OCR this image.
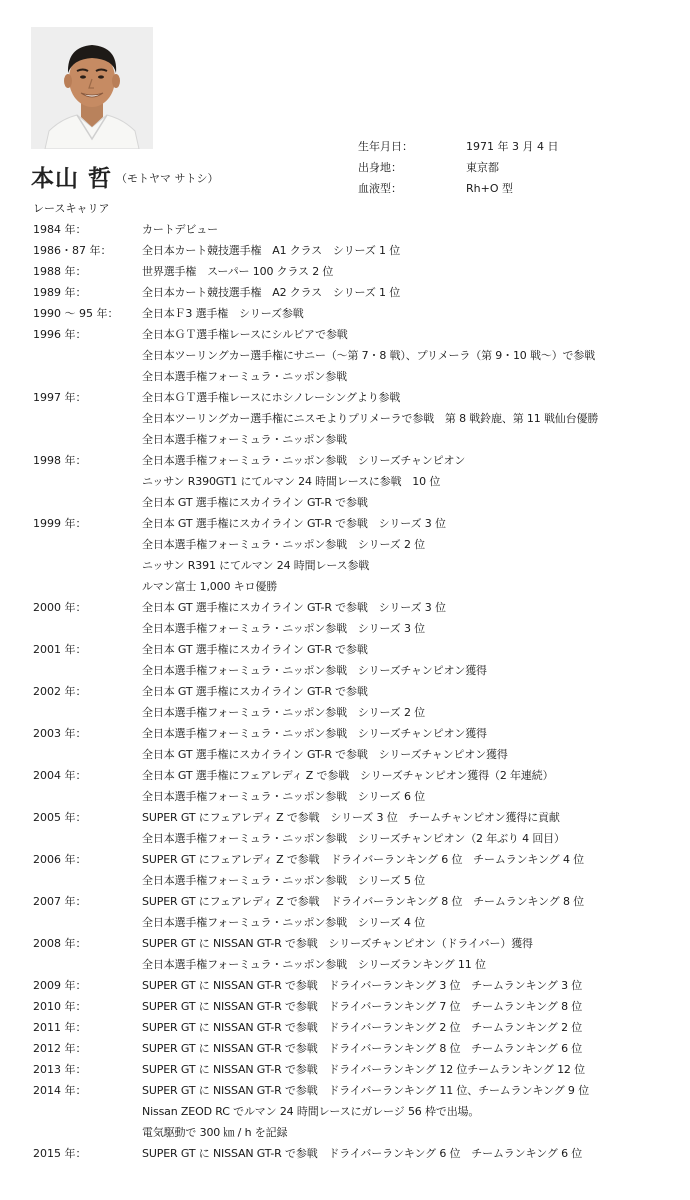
本山 哲 （モトヤマ サトシ）
生年月日：	1971 年 3 月 4 日
出身地：	東京都
血液型：	Rh+O 型
レースキャリア
1984 年：	カートデビュー
1986・87 年：	全日本カート競技選手権　A1 クラス　シリーズ 1 位
1988 年：	世界選手権　スーパー 100 クラス 2 位
1989 年：	全日本カート競技選手権　A2 クラス　シリーズ 1 位
1990 〜 95 年：	全日本Ｆ3 選手権　シリーズ参戦
1996 年：	全日本ＧＴ選手権レースにシルビアで参戦
全日本ツーリングカー選手権にサニー（〜第 7・8 戦）、プリメーラ（第 9・10 戦〜）で参戦
全日本選手権フォーミュラ・ニッポン参戦
1997 年：	全日本ＧＴ選手権レースにホシノレーシングより参戦
全日本ツーリングカー選手権にニスモよりプリメーラで参戦　第 8 戦鈴鹿、第 11 戦仙台優勝
全日本選手権フォーミュラ・ニッポン参戦
1998 年：	全日本選手権フォーミュラ・ニッポン参戦　シリーズチャンピオン
ニッサン R390GT1 にてルマン 24 時間レースに参戦　10 位
全日本 GT 選手権にスカイライン GT-R で参戦
1999 年：	全日本 GT 選手権にスカイライン GT-R で参戦　シリーズ 3 位
全日本選手権フォーミュラ・ニッポン参戦　シリーズ 2 位
ニッサン R391 にてルマン 24 時間レース参戦
ルマン富士 1,000 キロ優勝
2000 年：	全日本 GT 選手権にスカイライン GT-R で参戦　シリーズ 3 位
全日本選手権フォーミュラ・ニッポン参戦　シリーズ 3 位
2001 年：	全日本 GT 選手権にスカイライン GT-R で参戦
全日本選手権フォーミュラ・ニッポン参戦　シリーズチャンピオン獲得
2002 年：	全日本 GT 選手権にスカイライン GT-R で参戦
全日本選手権フォーミュラ・ニッポン参戦　シリーズ 2 位
2003 年：	全日本選手権フォーミュラ・ニッポン参戦　シリーズチャンピオン獲得
全日本 GT 選手権にスカイライン GT-R で参戦　シリーズチャンピオン獲得
2004 年：	全日本 GT 選手権にフェアレディ Z で参戦　シリーズチャンピオン獲得（2 年連続）
全日本選手権フォーミュラ・ニッポン参戦　シリーズ 6 位
2005 年：	SUPER GT にフェアレディ Z で参戦　シリーズ 3 位　チームチャンピオン獲得に貢献
全日本選手権フォーミュラ・ニッポン参戦　シリーズチャンピオン（2 年ぶり 4 回目）
2006 年：	SUPER GT にフェアレディ Z で参戦　ドライバーランキング 6 位　チームランキング 4 位
全日本選手権フォーミュラ・ニッポン参戦　シリーズ 5 位
2007 年：	SUPER GT にフェアレディ Z で参戦　ドライバーランキング 8 位　チームランキング 8 位
全日本選手権フォーミュラ・ニッポン参戦　シリーズ 4 位
2008 年：	SUPER GT に NISSAN GT-R で参戦　シリーズチャンピオン（ドライバー）獲得
全日本選手権フォーミュラ・ニッポン参戦　シリーズランキング 11 位
2009 年：	SUPER GT に NISSAN GT-R で参戦　ドライバーランキング 3 位　チームランキング 3 位
2010 年：	SUPER GT に NISSAN GT-R で参戦　ドライバーランキング 7 位　チームランキング 8 位
2011 年：	SUPER GT に NISSAN GT-R で参戦　ドライバーランキング 2 位　チームランキング 2 位
2012 年：	SUPER GT に NISSAN GT-R で参戦　ドライバーランキング 8 位　チームランキング 6 位
2013 年：	SUPER GT に NISSAN GT-R で参戦　ドライバーランキング 12 位チームランキング 12 位
2014 年：	SUPER GT に NISSAN GT-R で参戦　ドライバーランキング 11 位、チームランキング 9 位
Nissan ZEOD RC でルマン 24 時間レースにガレージ 56 枠で出場。
電気駆動で 300 ㎞ / h を記録
2015 年：	SUPER GT に NISSAN GT-R で参戦　ドライバーランキング 6 位　チームランキング 6 位
